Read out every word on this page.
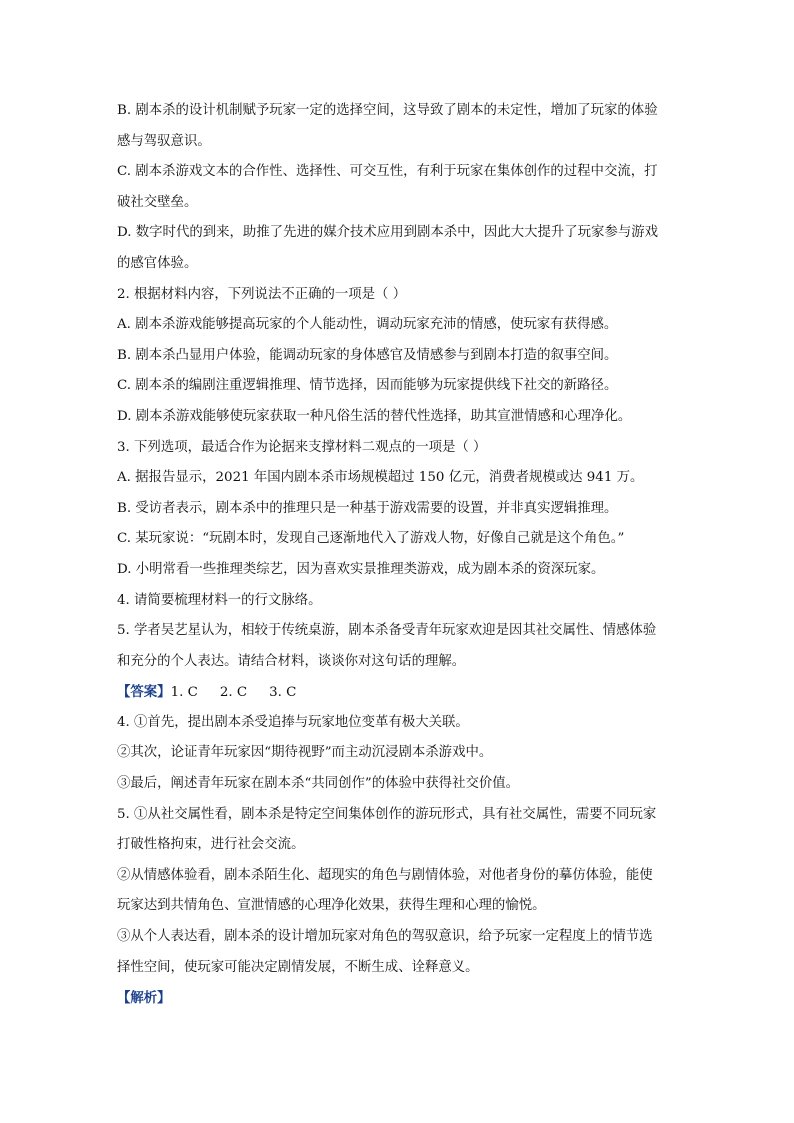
B. 剧本杀的设计机制赋予玩家一定的选择空间，这导致了剧本的未定性，增加了玩家的体验
感与驾驭意识。
C. 剧本杀游戏文本的合作性、选择性、可交互性，有利于玩家在集体创作的过程中交流，打
破社交壁垒。
D. 数字时代的到来，助推了先进的媒介技术应用到剧本杀中，因此大大提升了玩家参与游戏
的感官体验。
2. 根据材料内容，下列说法不正确的一项是（ ）
A. 剧本杀游戏能够提高玩家的个人能动性，调动玩家充沛的情感，使玩家有获得感。
B. 剧本杀凸显用户体验，能调动玩家的身体感官及情感参与到剧本打造的叙事空间。
C. 剧本杀的编剧注重逻辑推理、情节选择，因而能够为玩家提供线下社交的新路径。
D. 剧本杀游戏能够使玩家获取一种凡俗生活的替代性选择，助其宣泄情感和心理净化。
3. 下列选项，最适合作为论据来支撑材料二观点的一项是（ ）
A. 据报告显示，2021 年国内剧本杀市场规模超过 150 亿元，消费者规模或达 941 万。
B. 受访者表示，剧本杀中的推理只是一种基于游戏需要的设置，并非真实逻辑推理。
C. 某玩家说：“玩剧本时，发现自己逐渐地代入了游戏人物，好像自己就是这个角色。”
D. 小明常看一些推理类综艺，因为喜欢实景推理类游戏，成为剧本杀的资深玩家。
4. 请简要梳理材料一的行文脉络。
5. 学者吴艺星认为，相较于传统桌游，剧本杀备受青年玩家欢迎是因其社交属性、情感体验
和充分的个人表达。请结合材料，谈谈你对这句话的理解。
【答案】1. C 2. C 3. C
4. ①首先，提出剧本杀受追捧与玩家地位变革有极大关联。
②其次，论证青年玩家因“期待视野”而主动沉浸剧本杀游戏中。
③最后，阐述青年玩家在剧本杀“共同创作”的体验中获得社交价值。
5. ①从社交属性看，剧本杀是特定空间集体创作的游玩形式，具有社交属性，需要不同玩家
打破性格拘束，进行社会交流。
②从情感体验看，剧本杀陌生化、超现实的角色与剧情体验，对他者身份的摹仿体验，能使
玩家达到共情角色、宣泄情感的心理净化效果，获得生理和心理的愉悦。
③从个人表达看，剧本杀的设计增加玩家对角色的驾驭意识，给予玩家一定程度上的情节选
择性空间，使玩家可能决定剧情发展，不断生成、诠释意义。
【解析】
